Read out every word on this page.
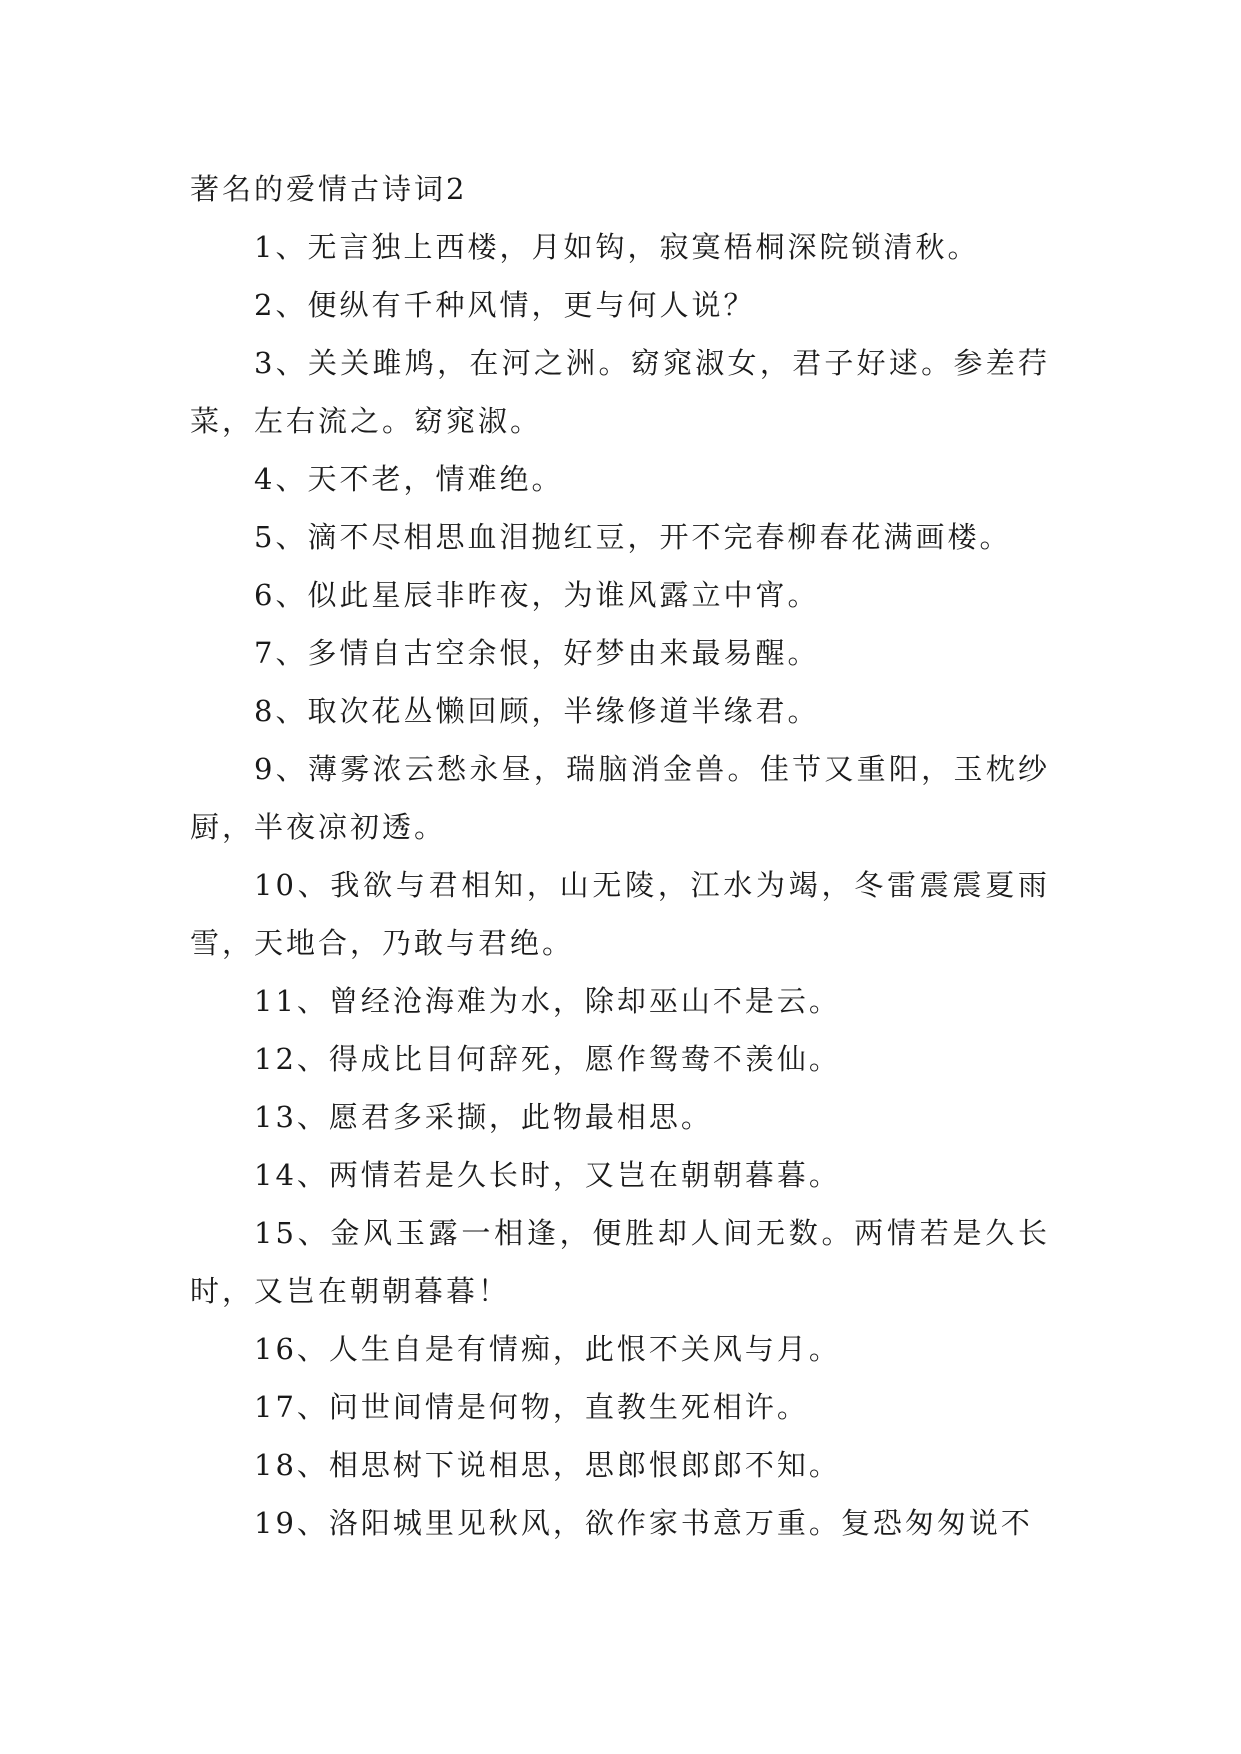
著名的爱情古诗词2
1、无言独上西楼，月如钩，寂寞梧桐深院锁清秋。
2、便纵有千种风情，更与何人说？
3、关关雎鸠，在河之洲。窈窕淑女，君子好逑。参差荇菜，左右流之。窈窕淑。
4、天不老，情难绝。
5、滴不尽相思血泪抛红豆，开不完春柳春花满画楼。
6、似此星辰非昨夜，为谁风露立中宵。
7、多情自古空余恨，好梦由来最易醒。
8、取次花丛懒回顾，半缘修道半缘君。
9、薄雾浓云愁永昼，瑞脑消金兽。佳节又重阳，玉枕纱厨，半夜凉初透。
10、我欲与君相知，山无陵，江水为竭，冬雷震震夏雨雪，天地合，乃敢与君绝。
11、曾经沧海难为水，除却巫山不是云。
12、得成比目何辞死，愿作鸳鸯不羡仙。
13、愿君多采撷，此物最相思。
14、两情若是久长时，又岂在朝朝暮暮。
15、金风玉露一相逢，便胜却人间无数。两情若是久长时，又岂在朝朝暮暮！
16、人生自是有情痴，此恨不关风与月。
17、问世间情是何物，直教生死相许。
18、相思树下说相思，思郎恨郎郎不知。
19、洛阳城里见秋风，欲作家书意万重。复恐匆匆说不
